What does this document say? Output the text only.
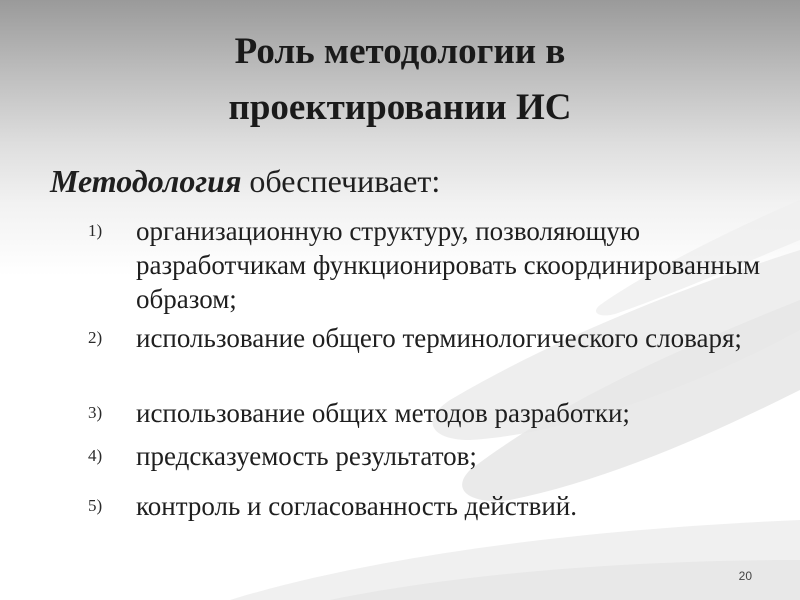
Роль методологии в
проектировании ИС
Методология обеспечивает:
1) организационную структуру, позволяющую разработчикам функционировать скоординированным образом;
2) использование общего терминологического словаря;
3) использование общих методов разработки;
4) предсказуемость результатов;
5) контроль и согласованность действий.
20
